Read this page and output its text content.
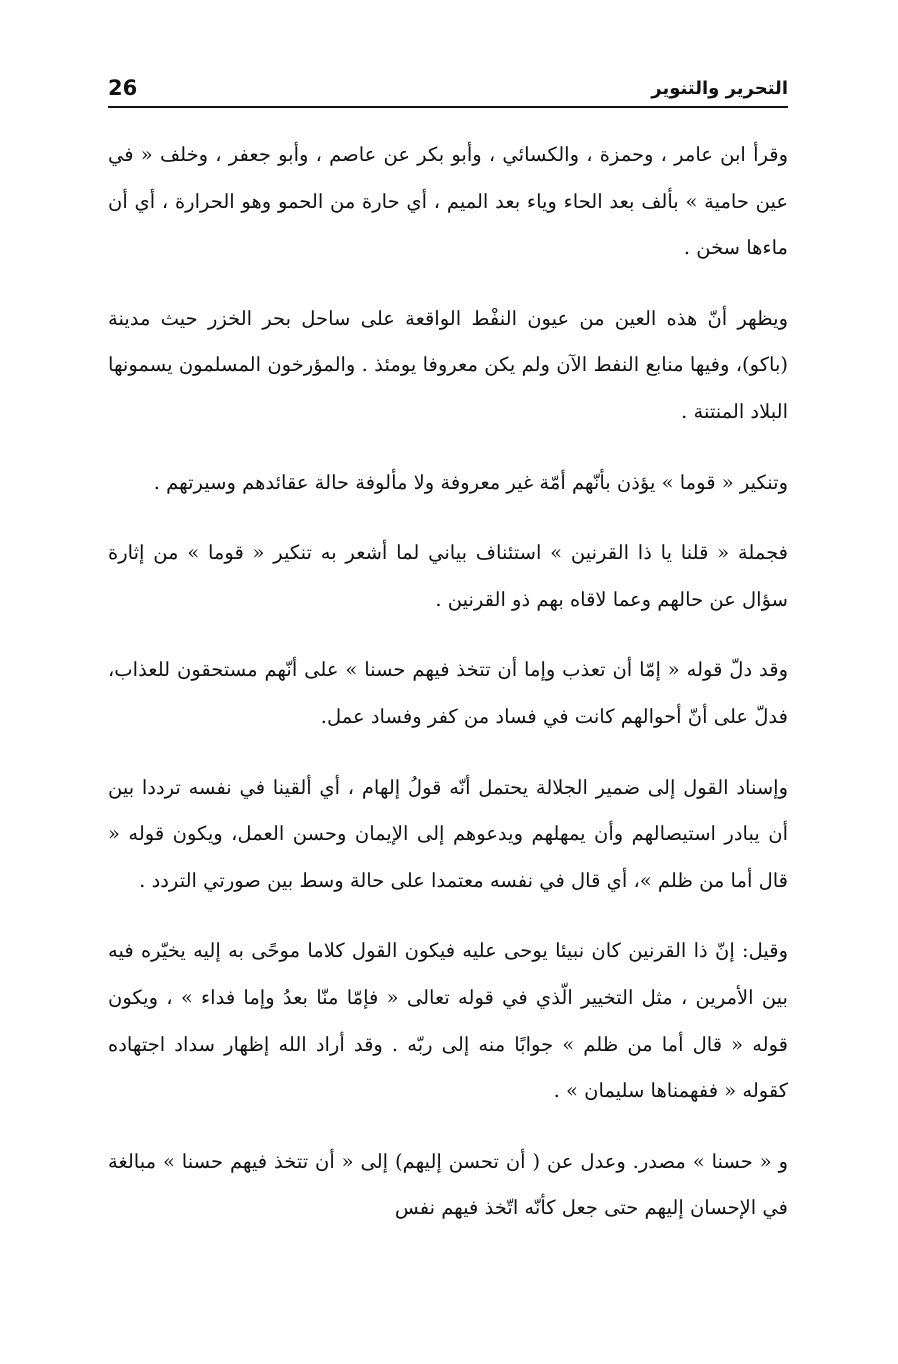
26	التحرير والتنوير

وقرأ ابن عامر ، وحمزة ، والكسائي ، وأبو بكر عن عاصم ، وأبو جعفر ، وخلف « في عين حامية » بألف بعد الحاء وياء بعد الميم ، أي حارة من الحمو وهو الحرارة ، أي أن ماءها سخن .

ويظهر أنّ هذه العين من عيون النفْط الواقعة على ساحل بحر الخزر حيث مدينة (باكو)، وفيها منابع النفط الآن ولم يكن معروفا يومئذ . والمؤرخون المسلمون يسمونها البلاد المنتنة .

وتنكير « قوما » يؤذن بأنّهم أمّة غير معروفة ولا مألوفة حالة عقائدهم وسيرتهم .

فجملة « قلنا يا ذا القرنين » استئناف بياني لما أشعر به تنكير « قوما » من إثارة سؤال عن حالهم وعما لاقاه بهم ذو القرنين .

وقد دلّ قوله « إمّا أن تعذب وإما أن تتخذ فيهم حسنا » على أنّهم مستحقون للعذاب، فدلّ على أنّ أحوالهم كانت في فساد من كفر وفساد عمل.

وإسناد القول إلى ضمير الجلالة يحتمل أنّه قولُ إلهام ، أي ألقينا في نفسه ترددا بين أن يبادر استيصالهم وأن يمهلهم ويدعوهم إلى الإيمان وحسن العمل، ويكون قوله « قال أما من ظلم »، أي قال في نفسه معتمدا على حالة وسط بين صورتي التردد .

وقيل: إنّ ذا القرنين كان نبيئا يوحى عليه فيكون القول كلاما موحًى به إليه يخيّره فيه بين الأمرين ، مثل التخيير الّذي في قوله تعالى « فإمّا منّا بعدُ وإما فداء » ، ويكون قوله « قال أما من ظلم » جوابًا منه إلى ربّه . وقد أراد الله إظهار سداد اجتهاده كقوله « ففهمناها سليمان » .

و « حسنا » مصدر. وعدل عن ( أن تحسن إليهم) إلى « أن تتخذ فيهم حسنا » مبالغة في الإحسان إليهم حتى جعل كأنّه اتّخذ فيهم نفس
